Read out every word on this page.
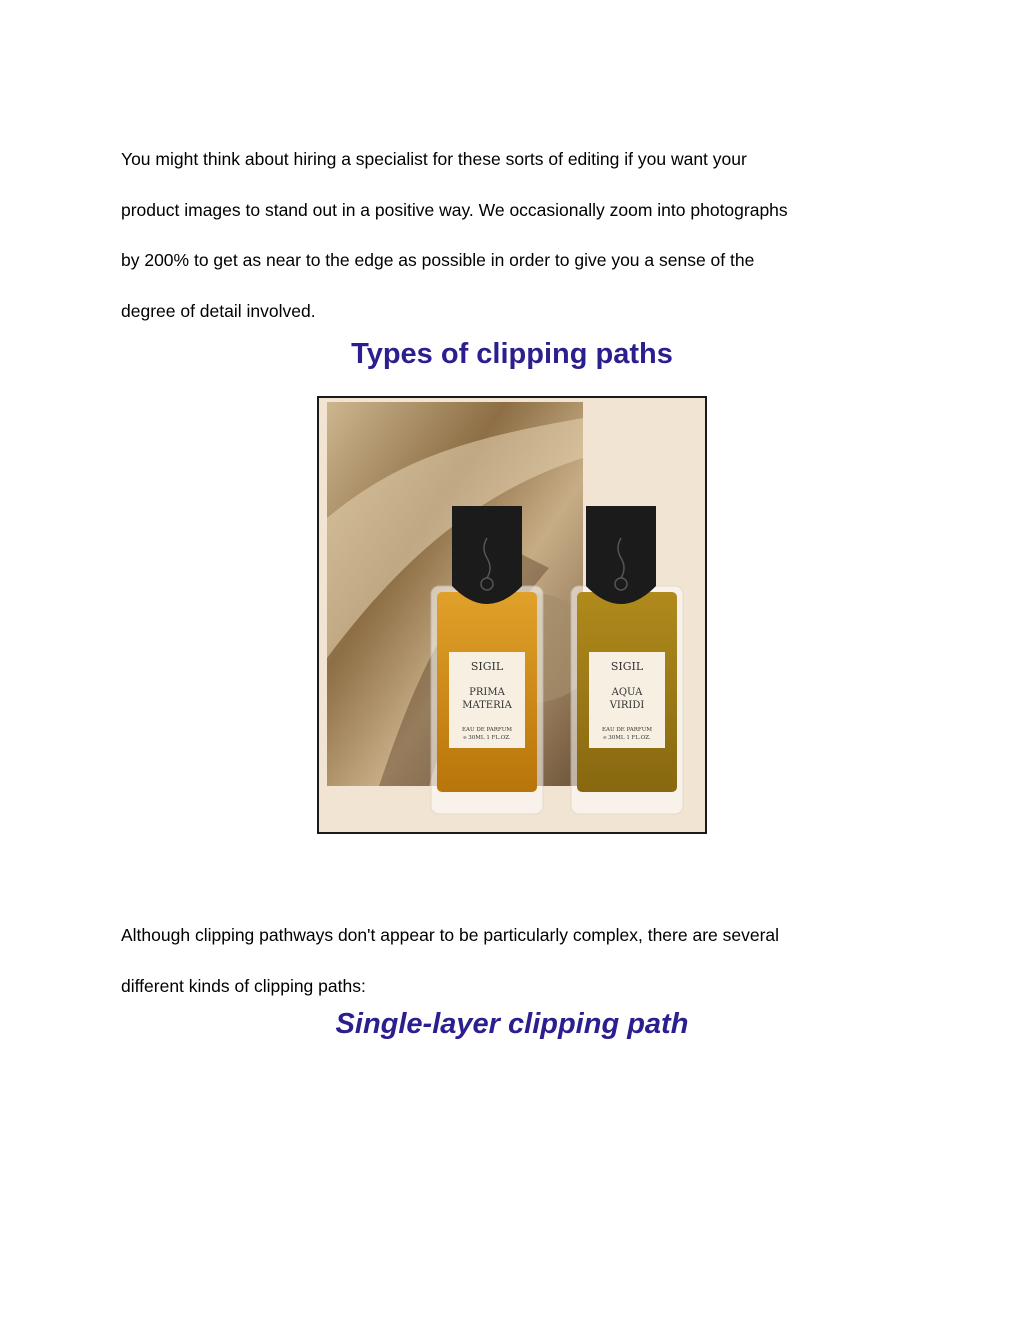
You might think about hiring a specialist for these sorts of editing if you want your
product images to stand out in a positive way. We occasionally zoom into photographs
by 200% to get as near to the edge as possible in order to give you a sense of the
degree of detail involved.
Types of clipping paths
SIGIL
PRIMA
MATERIA
EAU DE PARFUM
℮ 30ML 1 FL.OZ.
SIGIL
AQUA
VIRIDI
EAU DE PARFUM
℮ 30ML 1 FL.OZ.
Although clipping pathways don't appear to be particularly complex, there are several
different kinds of clipping paths:
Single-layer clipping path
